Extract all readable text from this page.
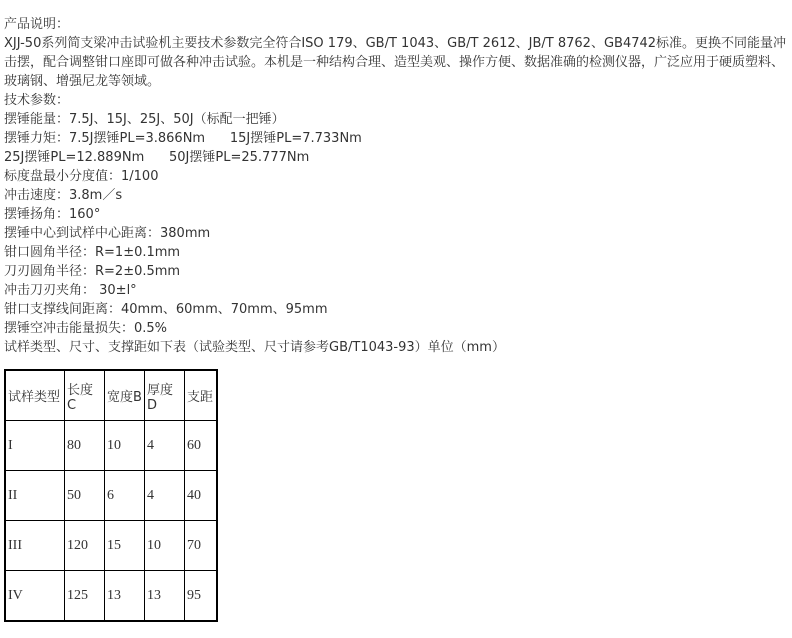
产品说明：

XJJ-50系列简支梁冲击试验机主要技术参数完全符合ISO 179、GB/T 1043、GB/T 2612、JB/T 8762、GB4742标准。更换不同能量冲击摆，配合调整钳口座即可做各种冲击试验。本机是一种结构合理、造型美观、操作方便、数据准确的检测仪器，广泛应用于硬质塑料、玻璃钢、增强尼龙等领域。

技术参数：

摆锤能量：7.5J、15J、25J、50J（标配一把锤）

摆锤力矩：7.5J摆锤PL=3.866Nm      15J摆锤PL=7.733Nm

25J摆锤PL=12.889Nm      50J摆锤PL=25.777Nm

标度盘最小分度值：1/100

冲击速度：3.8m／s

摆锤扬角：160°

摆锤中心到试样中心距离：380mm

钳口圆角半径：R=1±0.1mm

刀刃圆角半径：R=2±0.5mm

冲击刀刃夹角： 30±l°

钳口支撑线间距离：40mm、60mm、70mm、95mm

摆锤空冲击能量损失：0.5%

试样类型、尺寸、支撑距如下表（试验类型、尺寸请参考GB/T1043-93）单位（mm）

试样类型	长度C	宽度B	厚度D	支距
I	80	10	4	60
II	50	6	4	40
III	120	15	10	70
IV	125	13	13	95
